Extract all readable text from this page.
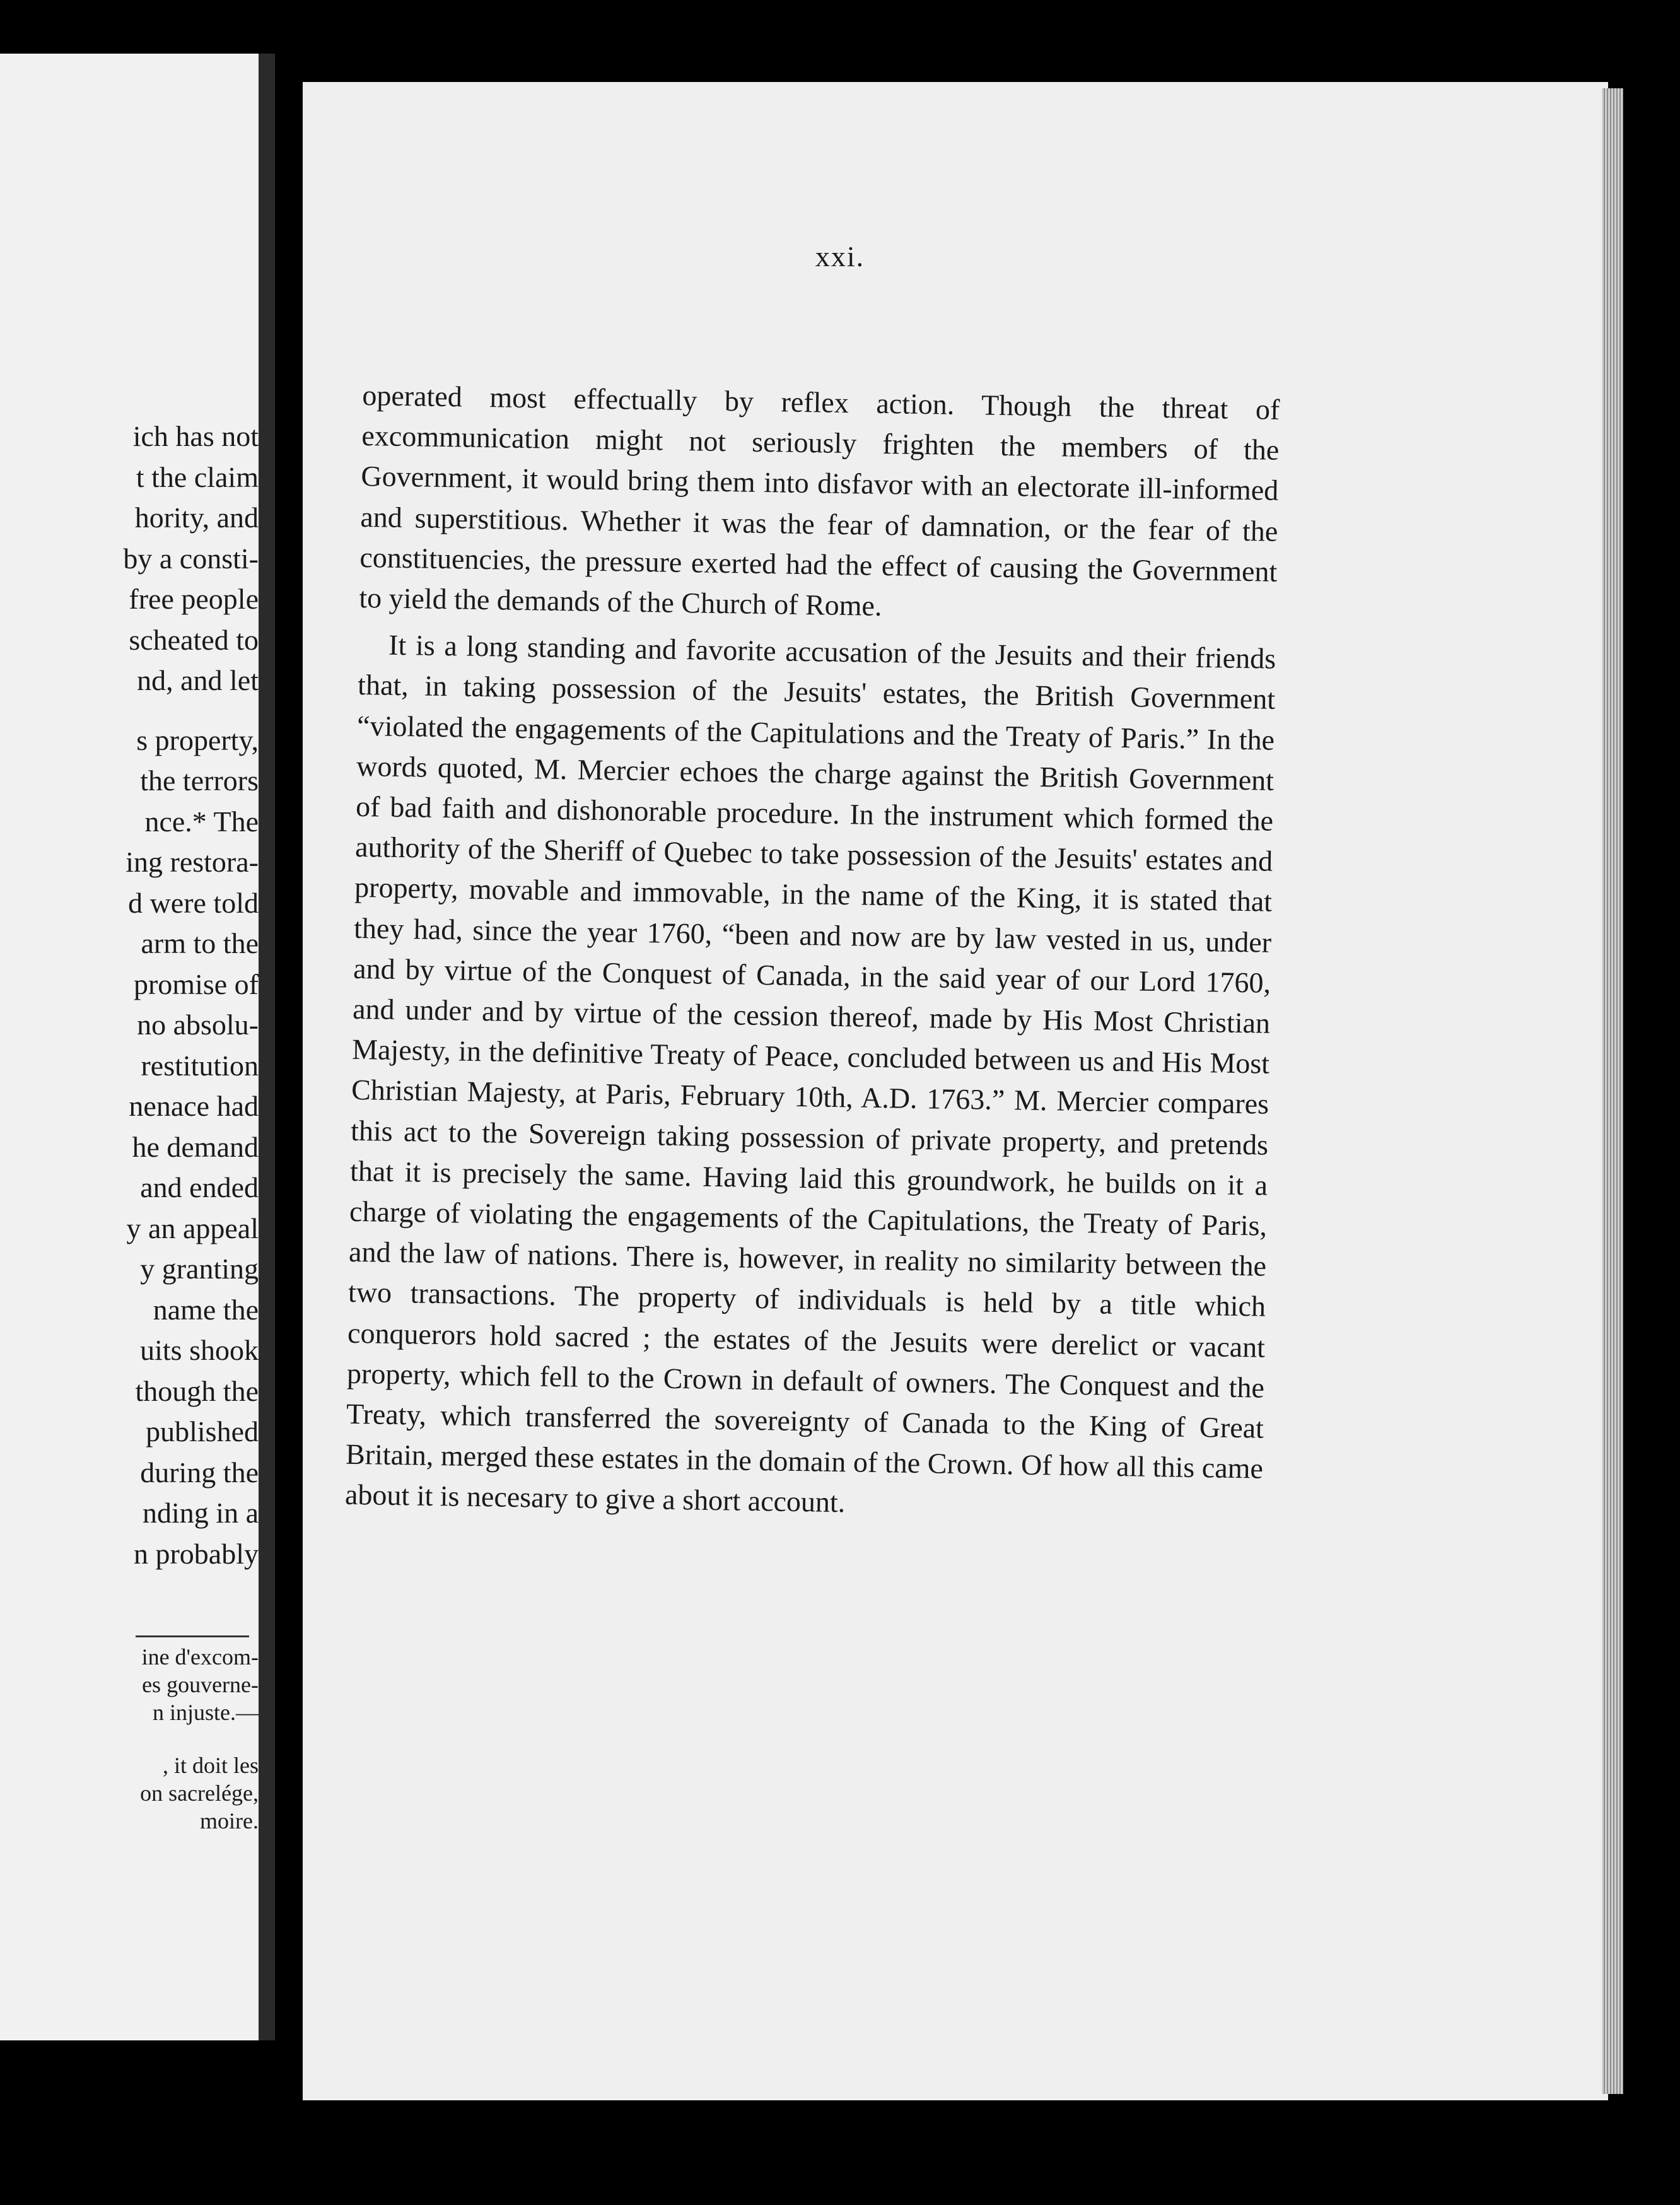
ich has not
t the claim
hority, and
by a consti-
free people
scheated to
nd, and let
s property,
the terrors
nce.* The
ing restora-
d were told
arm to the
promise of
no absolu-
restitution
nenace had
he demand
and ended
y an appeal
y granting
name the
uits shook
though the
published
during the
nding in a
n probably
ine d'excom-
es gouverne-
n injuste.—
, it doit les
on sacrelége,
moire.
xxi.

operated most effectually by reflex action. Though the threat of excommunication might not seriously frighten the members of the Government, it would bring them into disfavor with an electorate ill-informed and superstitious. Whether it was the fear of damnation, or the fear of the constituencies, the pressure exerted had the effect of causing the Government to yield the demands of the Church of Rome.

It is a long standing and favorite accusation of the Jesuits and their friends that, in taking possession of the Jesuits' estates, the British Government “violated the engagements of the Capitulations and the Treaty of Paris.” In the words quoted, M. Mercier echoes the charge against the British Government of bad faith and dishonorable procedure. In the instrument which formed the authority of the Sheriff of Quebec to take possession of the Jesuits' estates and property, movable and immovable, in the name of the King, it is stated that they had, since the year 1760, “been and now are by law vested in us, under and by virtue of the Conquest of Canada, in the said year of our Lord 1760, and under and by virtue of the cession thereof, made by His Most Christian Majesty, in the definitive Treaty of Peace, concluded between us and His Most Christian Majesty, at Paris, February 10th, A.D. 1763.” M. Mercier compares this act to the Sovereign taking possession of private property, and pretends that it is precisely the same. Having laid this groundwork, he builds on it a charge of violating the engagements of the Capitulations, the Treaty of Paris, and the law of nations. There is, however, in reality no similarity between the two transactions. The property of individuals is held by a title which conquerors hold sacred ; the estates of the Jesuits were derelict or vacant property, which fell to the Crown in default of owners. The Conquest and the Treaty, which transferred the sovereignty of Canada to the King of Great Britain, merged these estates in the domain of the Crown. Of how all this came about it is necesary to give a short account.
